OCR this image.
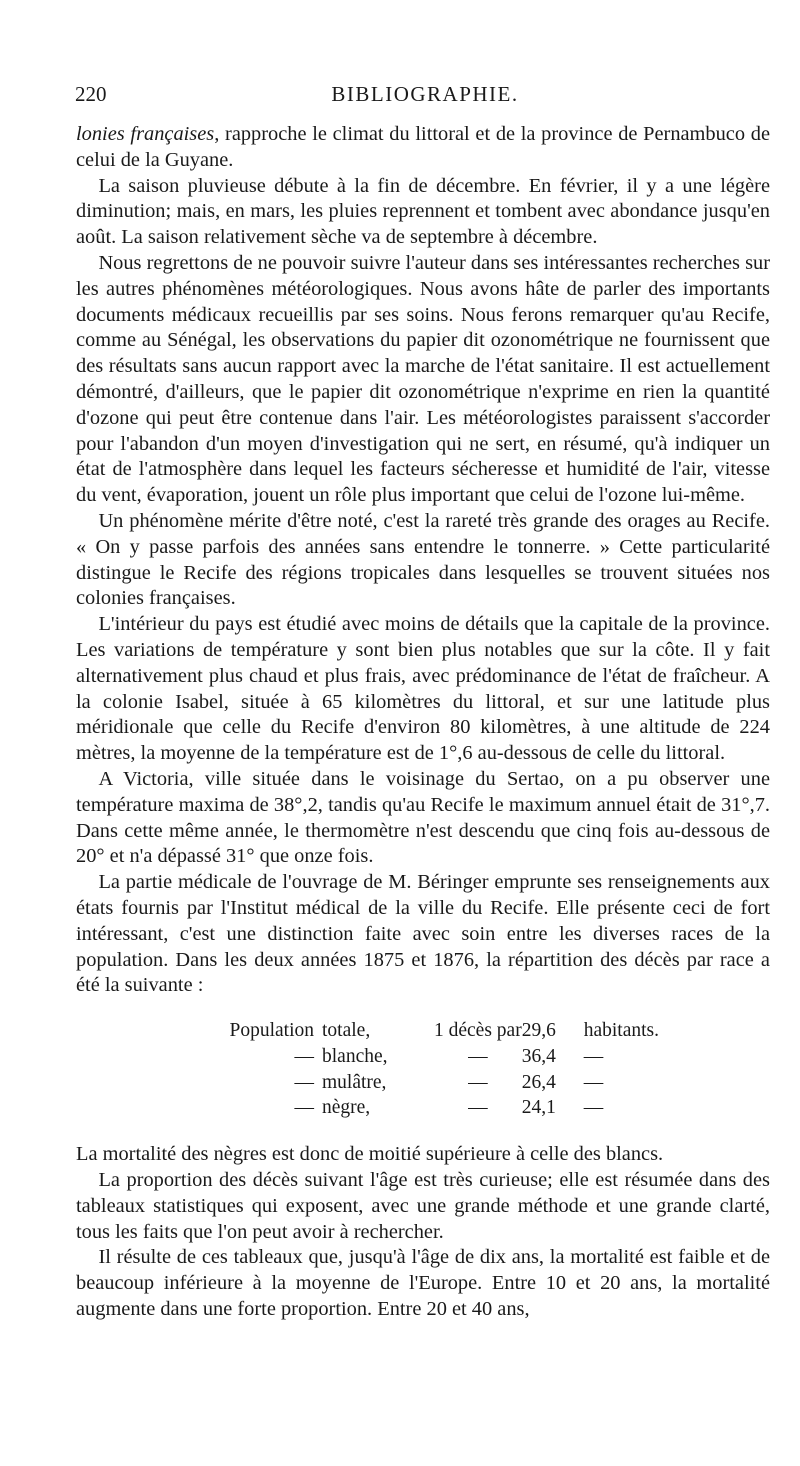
220	BIBLIOGRAPHIE.

lonies françaises, rapproche le climat du littoral et de la province de Pernambuco de celui de la Guyane.

La saison pluvieuse débute à la fin de décembre. En février, il y a une légère diminution; mais, en mars, les pluies reprennent et tombent avec abondance jusqu'en août. La saison relativement sèche va de septembre à décembre.

Nous regrettons de ne pouvoir suivre l'auteur dans ses intéressantes recherches sur les autres phénomènes météorologiques. Nous avons hâte de parler des importants documents médicaux recueillis par ses soins. Nous ferons remarquer qu'au Recife, comme au Sénégal, les observations du papier dit ozonométrique ne fournissent que des résultats sans aucun rapport avec la marche de l'état sanitaire. Il est actuellement démontré, d'ailleurs, que le papier dit ozonométrique n'exprime en rien la quantité d'ozone qui peut être contenue dans l'air. Les météorologistes paraissent s'accorder pour l'abandon d'un moyen d'investigation qui ne sert, en résumé, qu'à indiquer un état de l'atmosphère dans lequel les facteurs sécheresse et humidité de l'air, vitesse du vent, évaporation, jouent un rôle plus important que celui de l'ozone lui-même.

Un phénomène mérite d'être noté, c'est la rareté très grande des orages au Recife. « On y passe parfois des années sans entendre le tonnerre. » Cette particularité distingue le Recife des régions tropicales dans lesquelles se trouvent situées nos colonies françaises.

L'intérieur du pays est étudié avec moins de détails que la capitale de la province. Les variations de température y sont bien plus notables que sur la côte. Il y fait alternativement plus chaud et plus frais, avec prédominance de l'état de fraîcheur. A la colonie Isabel, située à 65 kilomètres du littoral, et sur une latitude plus méridionale que celle du Recife d'environ 80 kilomètres, à une altitude de 224 mètres, la moyenne de la température est de 1°,6 au-dessous de celle du littoral.

A Victoria, ville située dans le voisinage du Sertao, on a pu observer une température maxima de 38°,2, tandis qu'au Recife le maximum annuel était de 31°,7. Dans cette même année, le thermomètre n'est descendu que cinq fois au-dessous de 20° et n'a dépassé 31° que onze fois.

La partie médicale de l'ouvrage de M. Béringer emprunte ses renseignements aux états fournis par l'Institut médical de la ville du Recife. Elle présente ceci de fort intéressant, c'est une distinction faite avec soin entre les diverses races de la population. Dans les deux années 1875 et 1876, la répartition des décès par race a été la suivante :

Population	totale,	1 décès par	29,6	habitants.
—	blanche,	—	36,4	—
—	mulâtre,	—	26,4	—
—	nègre,	—	24,1	—

La mortalité des nègres est donc de moitié supérieure à celle des blancs.

La proportion des décès suivant l'âge est très curieuse; elle est résumée dans des tableaux statistiques qui exposent, avec une grande méthode et une grande clarté, tous les faits que l'on peut avoir à rechercher.

Il résulte de ces tableaux que, jusqu'à l'âge de dix ans, la mortalité est faible et de beaucoup inférieure à la moyenne de l'Europe. Entre 10 et 20 ans, la mortalité augmente dans une forte proportion. Entre 20 et 40 ans,
